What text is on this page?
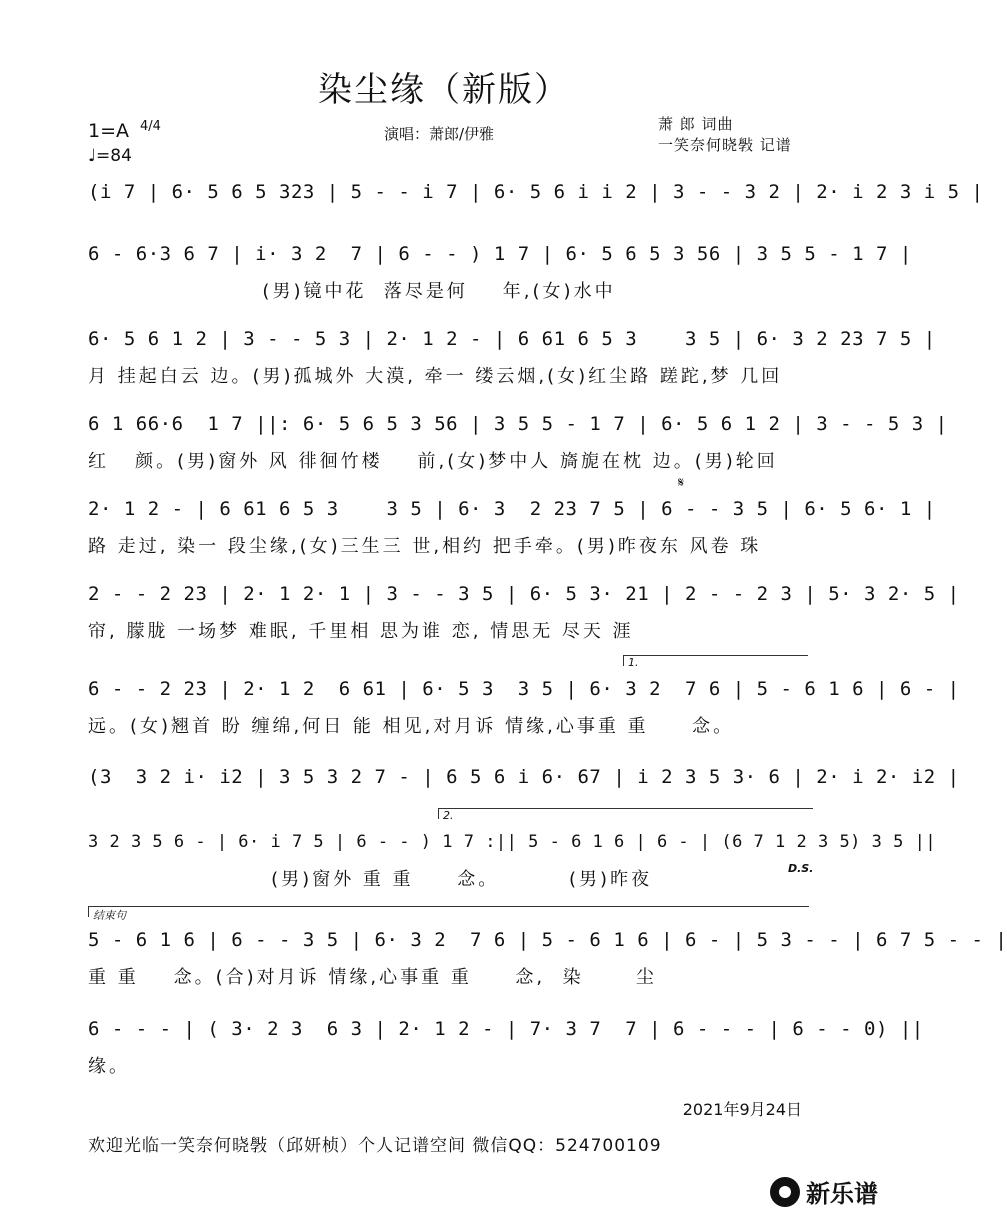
染尘缘（新版）
1=A 4/4
♩=84
演唱：萧郎/伊雅
萧 郎 词曲
一笑奈何晓斅 记谱
(i 7 | 6· 5 6 5 323 | 5 - - i 7 | 6· 5 6 i i 2 | 3 - - 3 2 | 2· i 2 3 i 5 |
6 - 6·3 6 7 | i· 3 2  7 | 6 - - ) 1 7 | 6· 5 6 5 3 56 | 3 5 5 - 1 7 |
(男)镜中花  落尽是何    年,(女)水中
6· 5 6 1 2 | 3 - - 5 3 | 2· 1 2 - | 6 61 6 5 3    3 5 | 6· 3 2 23 7 5 |
月 挂起白云 边。(男)孤城外 大漠, 牵一 缕云烟,(女)红尘路 蹉跎,梦 几回
6 1 66·6  1 7 ||: 6· 5 6 5 3 56 | 3 5 5 - 1 7 | 6· 5 6 1 2 | 3 - - 5 3 |
红   颜。(男)窗外 风 徘徊竹楼    前,(女)梦中人 旖旎在枕 边。(男)轮回
2· 1 2 - | 6 61 6 5 3    3 5 | 6· 3  2 23 7 5 | 6 - - 3 5 | 6· 5 6· 1 |
路 走过, 染一 段尘缘,(女)三生三 世,相约 把手牵。(男)昨夜东 风卷 珠
𝄋
2 - - 2 23 | 2· 1 2· 1 | 3 - - 3 5 | 6· 5 3· 21 | 2 - - 2 3 | 5· 3 2· 5 |
帘, 朦胧 一场梦 难眠, 千里相 思为谁 恋, 情思无 尽天 涯
1.
6 - - 2 23 | 2· 1 2  6 61 | 6· 5 3  3 5 | 6· 3 2  7 6 | 5 - 6 1 6 | 6 - |
远。(女)翘首 盼 缠绵,何日 能 相见,对月诉 情缘,心事重 重     念。
(3  3 2 i· i2 | 3 5 3 2 7 - | 6 5 6 i 6· 67 | i 2 3 5 3· 6 | 2· i 2· i2 |
2.
3 2 3 5 6 - | 6· i 7 5 | 6 - - ) 1 7 :|| 5 - 6 1 6 | 6 - | (6 7 1 2 3 5) 3 5 ||
(男)窗外 重 重     念。        (男)昨夜
D.S.
结束句
5 - 6 1 6 | 6 - - 3 5 | 6· 3 2  7 6 | 5 - 6 1 6 | 6 - | 5 3 - - | 6 7 5 - - |
重 重    念。(合)对月诉 情缘,心事重 重     念,  染      尘
6 - - - | ( 3· 2 3  6 3 | 2· 1 2 - | 7· 3 7  7 | 6 - - - | 6 - - 0) ||
缘。
2021年9月24日
欢迎光临一笑奈何晓斅（邱妍桢）个人记谱空间 微信QQ：524700109
新乐谱
